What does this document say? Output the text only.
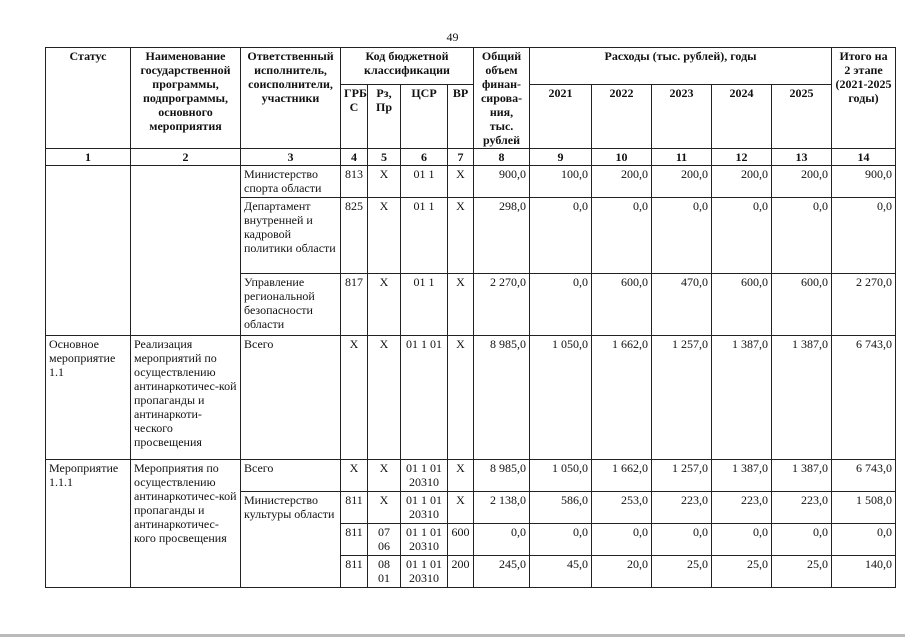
49
Статус	Наименование государственной программы, подпрограммы, основного мероприятия	Ответственный исполнитель, соисполнители, участники	Код бюджетной классификации				Общий объем финан-сирова-ния, тыс. рублей	Расходы (тыс. рублей), годы					Итого на 2 этапе (2021-2025 годы)
			ГРБ С	Рз, Пр	ЦСР	ВР		2021	2022	2023	2024	2025	
1	2	3	4	5	6	7	8	9	10	11	12	13	14
		Министерство спорта области	813	Х	01 1	Х	900,0	100,0	200,0	200,0	200,0	200,0	900,0
		Департамент внутренней и кадровой политики области	825	Х	01 1	Х	298,0	0,0	0,0	0,0	0,0	0,0	0,0
		Управление региональной безопасности области	817	Х	01 1	Х	2 270,0	0,0	600,0	470,0	600,0	600,0	2 270,0
Основное мероприятие 1.1	Реализация мероприятий по осуществлению антинаркотичес-кой пропаганды и антинаркоти-ческого просвещения	Всего	Х	Х	01 1 01	Х	8 985,0	1 050,0	1 662,0	1 257,0	1 387,0	1 387,0	6 743,0
Мероприятие 1.1.1	Мероприятия по осуществлению антинаркотичес-кой пропаганды и антинаркотичес-кого просвещения	Всего	Х	Х	01 1 01 20310	Х	8 985,0	1 050,0	1 662,0	1 257,0	1 387,0	1 387,0	6 743,0
		Министерство культуры области	811	Х	01 1 01 20310	Х	2 138,0	586,0	253,0	223,0	223,0	223,0	1 508,0
			811	07 06	01 1 01 20310	600	0,0	0,0	0,0	0,0	0,0	0,0	0,0
			811	08 01	01 1 01 20310	200	245,0	45,0	20,0	25,0	25,0	25,0	140,0
